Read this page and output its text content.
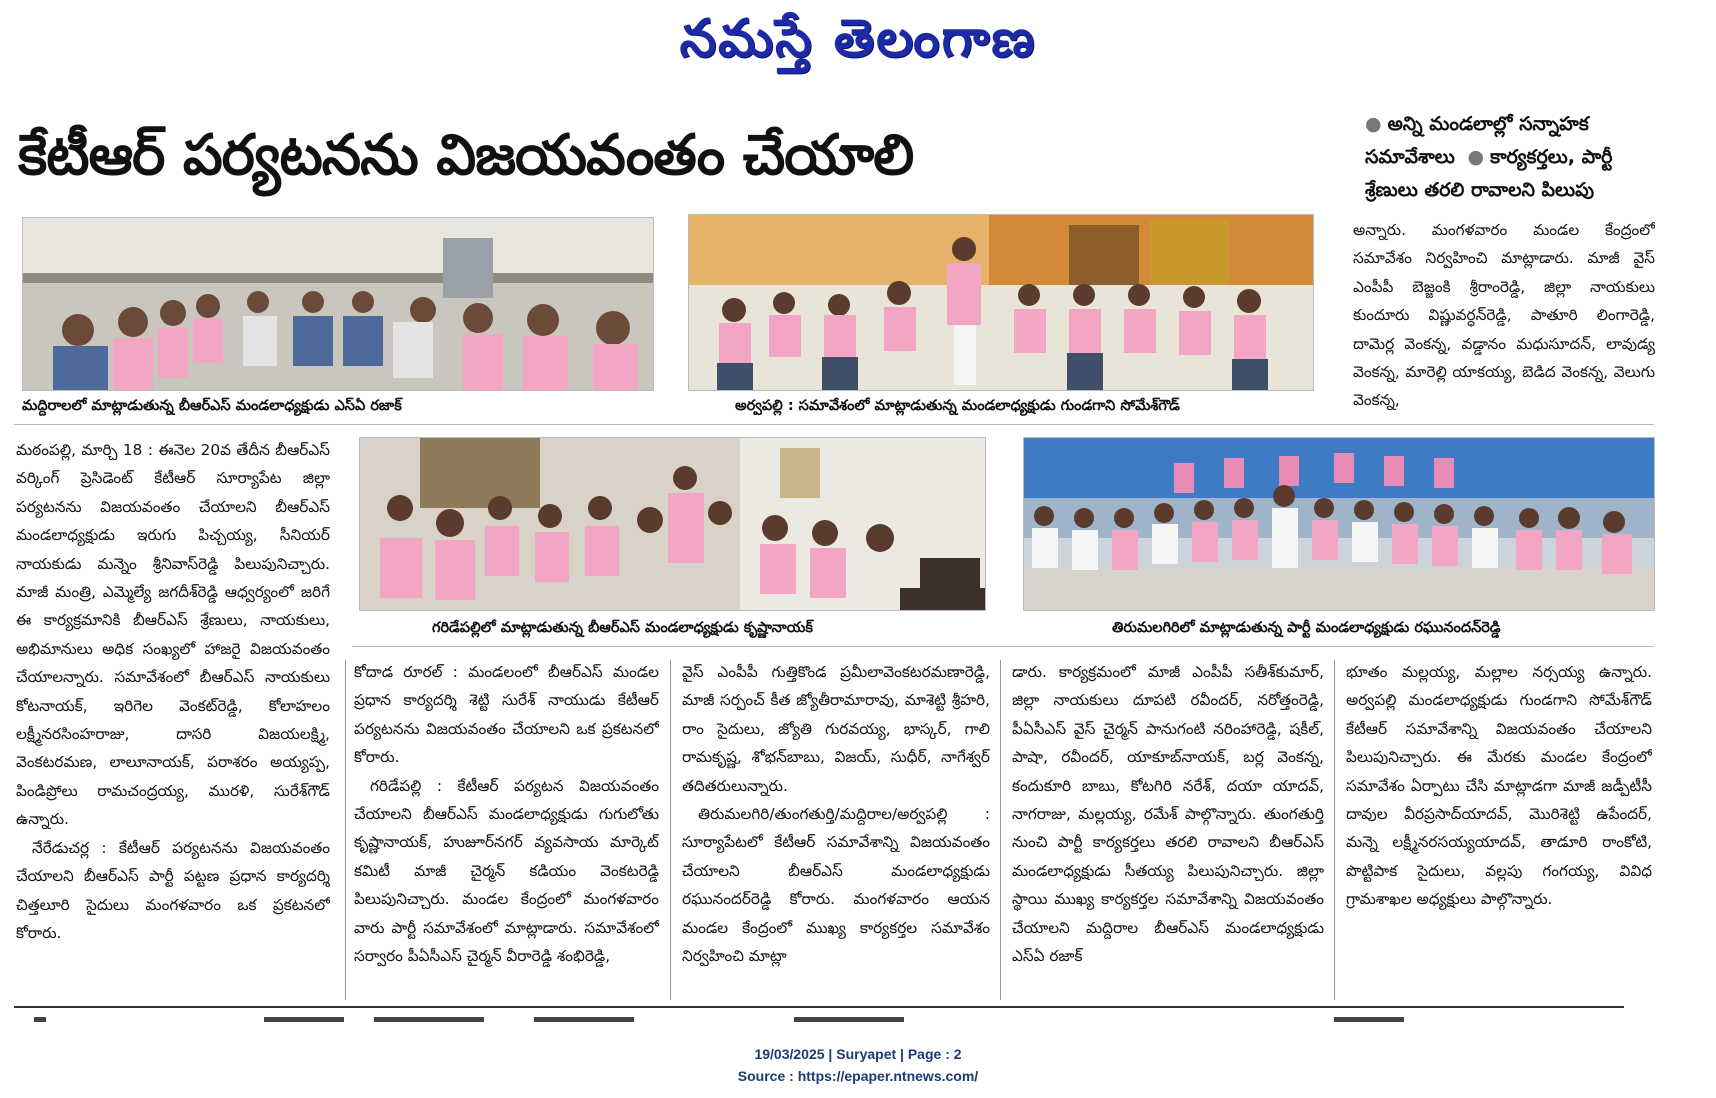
నమస్తే తెలంగాణ
కేటీఆర్ పర్యటనను విజయవంతం చేయాలి	● అన్ని మండలాల్లో సన్నాహక సమావేశాలు ● కార్యకర్తలు, పార్టీ శ్రేణులు తరలి రావాలని పిలుపు
మద్దిరాలలో మాట్లాడుతున్న బీఆర్ఎస్ మండలాధ్యక్షుడు ఎస్ఏ రజాక్	అర్వపల్లి : సమావేశంలో మాట్లాడుతున్న మండలాధ్యక్షుడు గుండగాని సోమేశ్‌గౌడ్

అన్నారు. మంగళవారం మండల కేంద్రంలో సమావేశం నిర్వహించి మాట్లాడారు. మాజీ వైస్ ఎంపీపీ బెజ్జంకి శ్రీరాంరెడ్డి, జిల్లా నాయకులు కుందూరు విష్ణువర్ధన్‌రెడ్డి, పాతూరి లింగారెడ్డి, దామెర్ల వెంకన్న, వడ్డానం మధుసూదన్, లావుడ్య వెంకన్న, మారెల్లి యాకయ్య, బెడిద వెంకన్న, వెలుగు వెంకన్న,

గరిడేపల్లిలో మాట్లాడుతున్న బీఆర్ఎస్ మండలాధ్యక్షుడు కృష్ణానాయక్	తిరుమలగిరిలో మాట్లాడుతున్న పార్టీ మండలాధ్యక్షుడు రఘునందన్‌రెడ్డి

మఠంపల్లి, మార్చి 18 : ఈనెల 20వ తేదీన బీఆర్ఎస్ వర్కింగ్ ప్రెసిడెంట్ కేటీఆర్ సూర్యాపేట జిల్లా పర్యటనను విజయవంతం చేయాలని బీఆర్ఎస్ మండలాధ్యక్షుడు ఇరుగు పిచ్చయ్య, సీనియర్ నాయకుడు మన్నెం శ్రీనివాస్‌రెడ్డి పిలుపునిచ్చారు. మాజీ మంత్రి, ఎమ్మెల్యే జగదీశ్‌రెడ్డి ఆధ్వర్యంలో జరిగే ఈ కార్యక్రమానికి బీఆర్ఎస్ శ్రేణులు, నాయకులు, అభిమానులు అధిక సంఖ్యలో హాజరై విజయవంతం చేయాలన్నారు. సమావేశంలో బీఆర్ఎస్ నాయకులు కోటనాయక్, ఇరిగెల వెంకట్‌రెడ్డి, కోలాహలం లక్ష్మీనరసింహరాజు, దాసరి విజయలక్ష్మి, వెంకటరమణ, లాలూనాయక్, పరాశరం అయ్యప్ప, పిండిప్రోలు రామచంద్రయ్య, మురళి, సురేశ్‌గౌడ్ ఉన్నారు.

నేరేడుచర్ల : కేటీఆర్ పర్యటనను విజయవంతం చేయాలని బీఆర్ఎస్ పార్టీ పట్టణ ప్రధాన కార్యదర్శి చిత్తలూరి సైదులు మంగళవారం ఒక ప్రకటనలో కోరారు.

కోదాడ రూరల్ : మండలంలో బీఆర్ఎస్ మండల ప్రధాన కార్యదర్శి శెట్టి సురేశ్ నాయుడు కేటీఆర్ పర్యటనను విజయవంతం చేయాలని ఒక ప్రకటనలో కోరారు.

గరిడేపల్లి : కేటీఆర్ పర్యటన విజయవంతం చేయాలని బీఆర్ఎస్ మండలాధ్యక్షుడు గుగులోతు కృష్ణానాయక్, హుజూర్‌నగర్ వ్యవసాయ మార్కెట్ కమిటీ మాజీ చైర్మన్ కడియం వెంకటరెడ్డి పిలుపునిచ్చారు. మండల కేంద్రంలో మంగళవారం వారు పార్టీ సమావేశంలో మాట్లాడారు. సమావేశంలో సర్వారం పీఏసీఎస్ చైర్మన్ వీరారెడ్డి శంభిరెడ్డి,

వైస్ ఎంపీపీ గుత్తికొండ ప్రమీలావెంకటరమణారెడ్డి, మాజీ సర్పంచ్ కీత జ్యోతీరామారావు, మాశెట్టి శ్రీహరి, రాం సైదులు, జ్యోతి గురవయ్య, భాస్కర్, గాలి రామకృష్ణ, శోభన్‌బాబు, విజయ్, సుధీర్, నాగేశ్వర్ తదితరులున్నారు.

తిరుమలగిరి/తుంగతుర్తి/మద్దిరాల/అర్వపల్లి : సూర్యాపేటలో కేటీఆర్ సమావేశాన్ని విజయవంతం చేయాలని బీఆర్ఎస్ మండలాధ్యక్షుడు రఘునందర్‌రెడ్డి కోరారు. మంగళవారం ఆయన మండల కేంద్రంలో ముఖ్య కార్యకర్తల సమావేశం నిర్వహించి మాట్లా

డారు. కార్యక్రమంలో మాజీ ఎంపీపీ సతీశ్‌కుమార్, జిల్లా నాయకులు దూపటి రవీందర్, నరోత్తంరెడ్డి, పీఏసీఎస్ వైస్ చైర్మన్ పానుగంటి నరింహారెడ్డి, షకీల్, పాషా, రవీందర్, యాకూబ్‌నాయక్, బర్ల వెంకన్న, కందుకూరి బాబు, కోటగిరి నరేశ్, దయా యాదవ్, నాగరాజు, మల్లయ్య, రమేశ్ పాల్గొన్నారు. తుంగతుర్తి నుంచి పార్టీ కార్యకర్తలు తరలి రావాలని బీఆర్ఎస్ మండలాధ్యక్షుడు సీతయ్య పిలుపునిచ్చారు. జిల్లా స్థాయి ముఖ్య కార్యకర్తల సమావేశాన్ని విజయవంతం చేయాలని మద్దిరాల బీఆర్ఎస్ మండలాధ్యక్షుడు ఎస్ఏ రజాక్

భూతం మల్లయ్య, మల్లాల నర్సయ్య ఉన్నారు. అర్వపల్లి మండలాధ్యక్షుడు గుండగాని సోమేశ్‌గౌడ్ కేటీఆర్ సమావేశాన్ని విజయవంతం చేయాలని పిలుపునిచ్చారు. ఈ మేరకు మండల కేంద్రంలో సమావేశం ఏర్పాటు చేసి మాట్లాడగా మాజీ జడ్పీటీసీ దావుల వీరప్రసాద్‌యాదవ్, మొరిశెట్టి ఉపేందర్, మన్నె లక్ష్మీనరసయ్యయాదవ్, తాడూరి రాంకోటి, పొట్టిపాక సైదులు, వల్లపు గంగయ్య, వివిధ గ్రామశాఖల అధ్యక్షులు పాల్గొన్నారు.

19/03/2025 | Suryapet | Page : 2
Source : https://epaper.ntnews.com/
